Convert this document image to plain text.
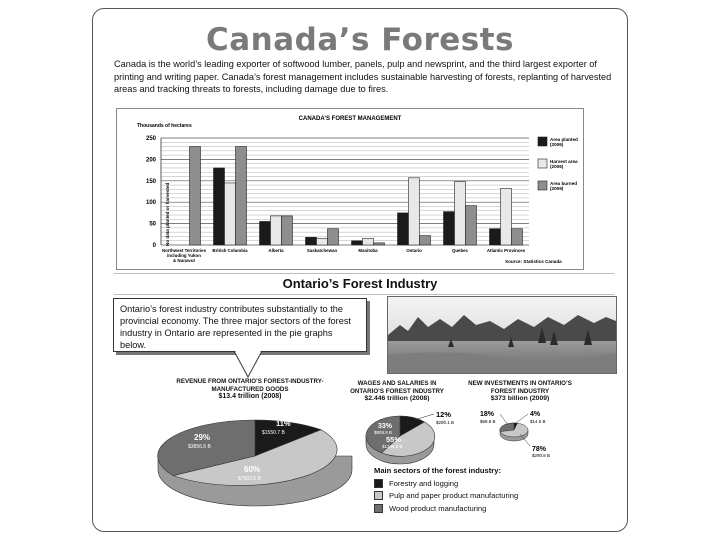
Canada’s Forests
Canada is the world’s leading exporter of softwood lumber, panels, pulp and newsprint, and the third largest exporter of printing and writing paper. Canada’s forest management includes sustainable harvesting of forests, replanting of harvested areas and tracking threats to forests, including damage due to fires.
CANADA’S FOREST MANAGEMENT
Thousands of hectares
0
50
100
150
200
250
Northwest Territories
including Yukon
& Nunavut
British Columbia	Alberta	Saskatchewan	Manitoba	Ontario	Quebec	Atlantic Provinces
Area planted
(2006)
Harvest area
(2006)
Area burned
(2009)
No data planted or harvested
Source: Statistics Canada
Ontario’s Forest Industry
Ontario’s forest industry contributes substantially to the provincial economy. The three major sectors of the forest industry in Ontario are represented in the pie graphs below.
REVENUE FROM ONTARIO’S FOREST-INDUSTRY-MANUFACTURED GOODS
$13.4 trillion (2008)
11%
$1550.7 B
60%
$7993.6 B
29%
$3856.6 B
WAGES AND SALARIES IN ONTARIO’S FOREST INDUSTRY
$2.446 trillion (2008)
12%
$290.1 B
55%
$1346.8 B
33%
$809.8 B
NEW INVESTMENTS IN ONTARIO’S FOREST INDUSTRY
$373 billion (2009)
4%
$14.5 B
78%
$290.8 B
18%
$68.8 B
Main sectors of the forest industry:
Forestry and logging
Pulp and paper product manufacturing
Wood product manufacturing
